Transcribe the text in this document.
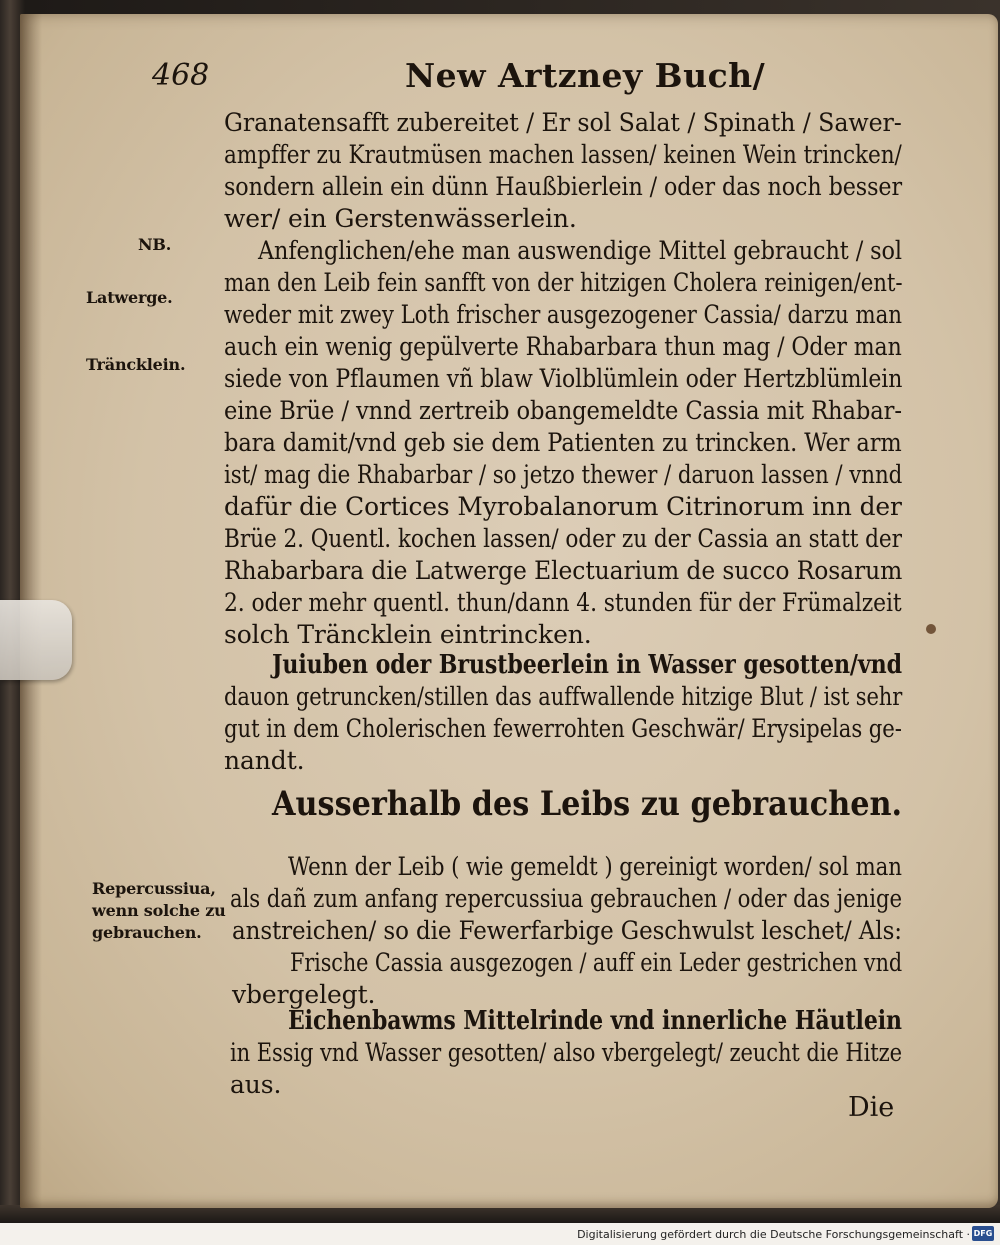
468	New Artzney Buch/
Granatensafft zubereitet / Er sol Salat / Spinath / Sawer-
ampffer zu Krautmüsen machen lassen/ keinen Wein trincken/
sondern allein ein dünn Haußbierlein / oder das noch besser
wer/ ein Gerstenwässerlein.
Anfenglichen/ehe man auswendige Mittel gebraucht / sol
man den Leib fein sanfft von der hitzigen Cholera reinigen/ent-
weder mit zwey Loth frischer ausgezogener Cassia/ darzu man
auch ein wenig gepülverte Rhabarbara thun mag / Oder man
siede von Pflaumen vñ blaw Violblümlein oder Hertzblümlein
eine Brüe / vnnd zertreib obangemeldte Cassia mit Rhabar-
bara damit/vnd geb sie dem Patienten zu trincken. Wer arm
ist/ mag die Rhabarbar / so jetzo thewer / daruon lassen / vnnd
dafür die Cortices Myrobalanorum Citrinorum inn der
Brüe 2. Quentl. kochen lassen/ oder zu der Cassia an statt der
Rhabarbara die Latwerge Electuarium de succo Rosarum
2. oder mehr quentl. thun/dann 4. stunden für der Frümalzeit
solch Träncklein eintrincken.
Juiuben oder Brustbeerlein in Wasser gesotten/vnd
dauon getruncken/stillen das auffwallende hitzige Blut / ist sehr
gut in dem Cholerischen fewerrohten Geschwär/ Erysipelas ge-
nandt.
Ausserhalb des Leibs zu gebrauchen.
Wenn der Leib ( wie gemeldt ) gereinigt worden/ sol man
als dañ zum anfang repercussiua gebrauchen / oder das jenige
anstreichen/ so die Fewerfarbige Geschwulst leschet/ Als:
Frische Cassia ausgezogen / auff ein Leder gestrichen vnd
vbergelegt.
Eichenbawms Mittelrinde vnd innerliche Häutlein
in Essig vnd Wasser gesotten/ also vbergelegt/ zeucht die Hitze
aus.
Die
NB.
Latwerge.
Träncklein.
Repercussiua,
wenn solche zu
gebrauchen.
Digitalisierung gefördert durch die Deutsche Forschungsgemeinschaft · DFG
